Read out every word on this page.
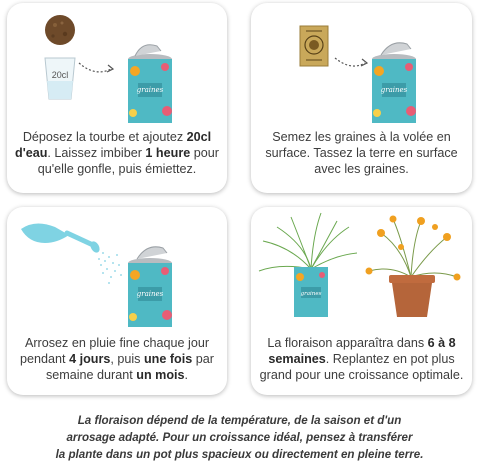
20cl
graines
Déposez la tourbe et ajoutez 20cl d'eau. Laissez imbiber 1 heure pour qu'elle gonfle, puis émiettez.
graines
Semez les graines à la volée en surface. Tassez la terre en surface avec les graines.
graines
Arrosez en pluie fine chaque jour pendant 4 jours, puis une fois par semaine durant un mois.
graines
La floraison apparaîtra dans 6 à 8 semaines. Replantez en pot plus grand pour une croissance optimale.
La floraison dépend de la température, de la saison et d'un
arrosage adapté. Pour un croissance idéal, pensez à transférer
la plante dans un pot plus spacieux ou directement en pleine terre.
